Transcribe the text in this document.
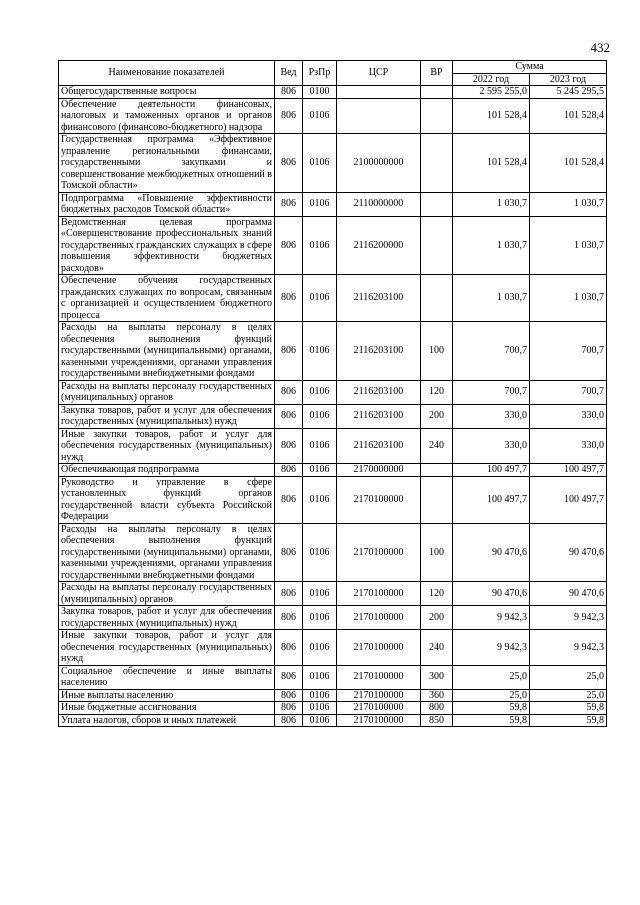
432
Наименование показателей	Вед	РзПр	ЦСР	ВР	Сумма	
					2022 год	2023 год
Общегосударственные вопросы	806	0100			2 595 255,0	5 245 295,5
Обеспечение деятельности финансовых, налоговых и таможенных органов и органов финансового (финансово-бюджетного) надзора	806	0106			101 528,4	101 528,4
Государственная программа «Эффективное управление региональными финансами, государственными закупками и совершенствование межбюджетных отношений в Томской области»	806	0106	2100000000		101 528,4	101 528,4
Подпрограмма «Повышение эффективности бюджетных расходов Томской области»	806	0106	2110000000		1 030,7	1 030,7
Ведомственная целевая программа «Совершенствование профессиональных знаний государственных гражданских служащих в сфере повышения эффективности бюджетных расходов»	806	0106	2116200000		1 030,7	1 030,7
Обеспечение обучения государственных гражданских служащих по вопросам, связанным с организацией и осуществлением бюджетного процесса	806	0106	2116203100		1 030,7	1 030,7
Расходы на выплаты персоналу в целях обеспечения выполнения функций государственными (муниципальными) органами, казенными учреждениями, органами управления государственными внебюджетными фондами	806	0106	2116203100	100	700,7	700,7
Расходы на выплаты персоналу государственных (муниципальных) органов	806	0106	2116203100	120	700,7	700,7
Закупка товаров, работ и услуг для обеспечения государственных (муниципальных) нужд	806	0106	2116203100	200	330,0	330,0
Иные закупки товаров, работ и услуг для обеспечения государственных (муниципальных) нужд	806	0106	2116203100	240	330,0	330,0
Обеспечивающая подпрограмма	806	0106	2170000000		100 497,7	100 497,7
Руководство и управление в сфере установленных функций органов государственной власти субъекта Российской Федерации	806	0106	2170100000		100 497,7	100 497,7
Расходы на выплаты персоналу в целях обеспечения выполнения функций государственными (муниципальными) органами, казенными учреждениями, органами управления государственными внебюджетными фондами	806	0106	2170100000	100	90 470,6	90 470,6
Расходы на выплаты персоналу государственных (муниципальных) органов	806	0106	2170100000	120	90 470,6	90 470,6
Закупка товаров, работ и услуг для обеспечения государственных (муниципальных) нужд	806	0106	2170100000	200	9 942,3	9 942,3
Иные закупки товаров, работ и услуг для обеспечения государственных (муниципальных) нужд	806	0106	2170100000	240	9 942,3	9 942,3
Социальное обеспечение и иные выплаты населению	806	0106	2170100000	300	25,0	25,0
Иные выплаты населению	806	0106	2170100000	360	25,0	25,0
Иные бюджетные ассигнования	806	0106	2170100000	800	59,8	59,8
Уплата налогов, сборов и иных платежей	806	0106	2170100000	850	59,8	59,8
